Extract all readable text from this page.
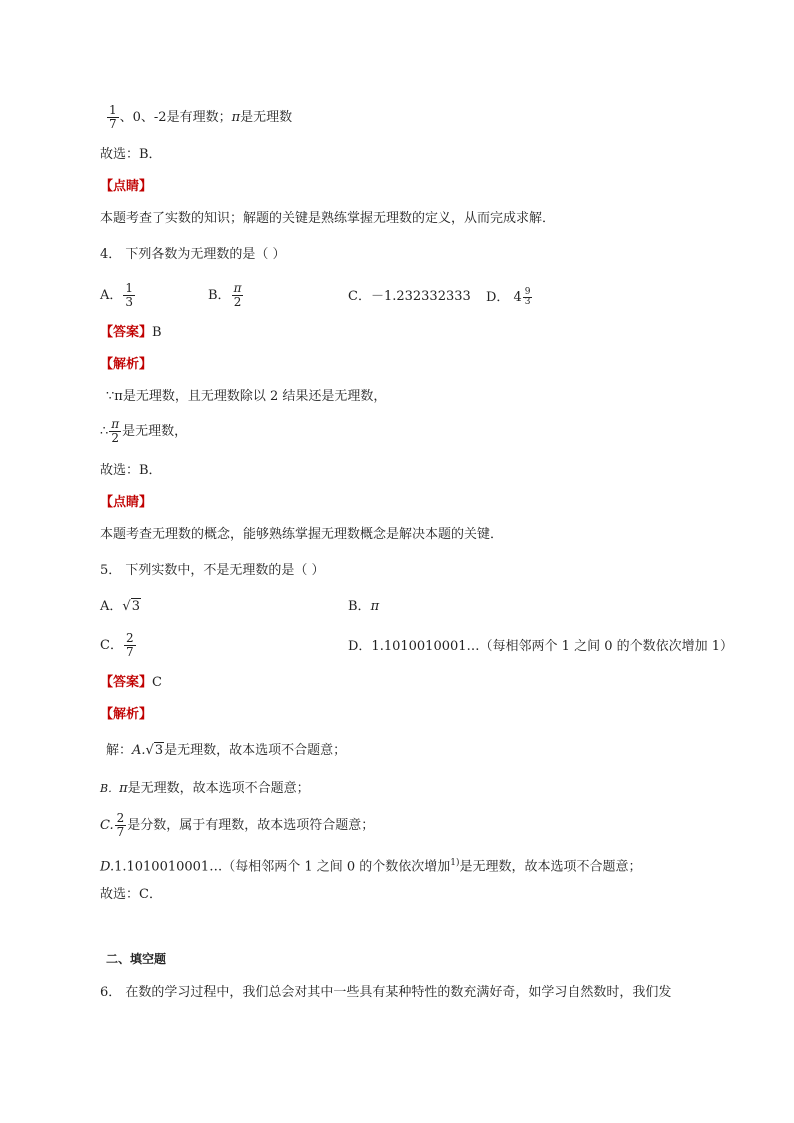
$\frac{1}{7}$ 、0、-2是有理数；π是无理数
故选：B．
【点睛】
本题考查了实数的知识；解题的关键是熟练掌握无理数的定义，从而完成求解．
4． 下列各数为无理数的是（ ）
A． $\frac{1}{3}$	B． $\frac{\pi}{2}$	C．－1.232332333 D． $4 \frac{9}{3}$
【答案】B
【解析】
∵π是无理数，且无理数除以 2 结果还是无理数，
∴ $\frac{\pi}{2}$ 是无理数，
故选：B．
【点睛】
本题考查无理数的概念，能够熟练掌握无理数概念是解决本题的关键．
5． 下列实数中，不是无理数的是（ ）
A．√3	B．π
C． $\frac{2}{7}$	D．1.1010010001…（每相邻两个 1 之间 0 的个数依次增加 1）
【答案】C
【解析】
解：A.√3是无理数，故本选项不合题意；
B．π是无理数，故本选项不合题意；
C. $\frac{2}{7}$ 是分数，属于有理数，故本选项符合题意；
D.1.1010010001…（每相邻两个 1 之间 0 的个数依次增加$^{1)}$是无理数，故本选项不合题意；
故选：C．
二、填空题
6． 在数的学习过程中，我们总会对其中一些具有某种特性的数充满好奇，如学习自然数时，我们发
